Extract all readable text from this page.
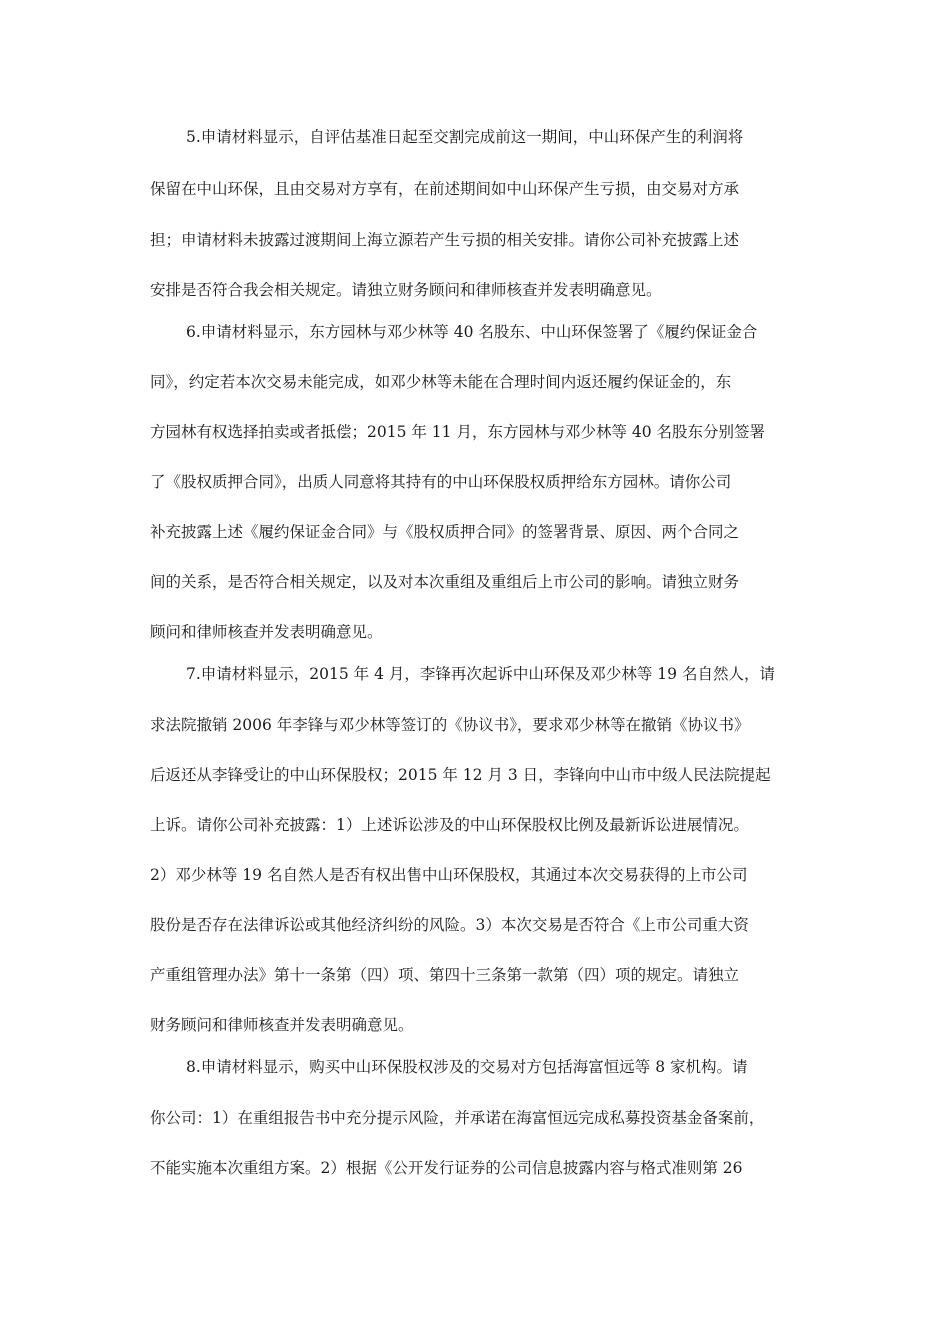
5.申请材料显示，自评估基准日起至交割完成前这一期间，中山环保产生的利润将
保留在中山环保，且由交易对方享有，在前述期间如中山环保产生亏损，由交易对方承
担；申请材料未披露过渡期间上海立源若产生亏损的相关安排。请你公司补充披露上述
安排是否符合我会相关规定。请独立财务顾问和律师核查并发表明确意见。
6.申请材料显示，东方园林与邓少林等 40 名股东、中山环保签署了《履约保证金合
同》，约定若本次交易未能完成，如邓少林等未能在合理时间内返还履约保证金的，东
方园林有权选择拍卖或者抵偿；2015 年 11 月，东方园林与邓少林等 40 名股东分别签署
了《股权质押合同》，出质人同意将其持有的中山环保股权质押给东方园林。请你公司
补充披露上述《履约保证金合同》与《股权质押合同》的签署背景、原因、两个合同之
间的关系，是否符合相关规定，以及对本次重组及重组后上市公司的影响。请独立财务
顾问和律师核查并发表明确意见。
7.申请材料显示，2015 年 4 月，李锋再次起诉中山环保及邓少林等 19 名自然人，请
求法院撤销 2006 年李锋与邓少林等签订的《协议书》，要求邓少林等在撤销《协议书》
后返还从李锋受让的中山环保股权；2015 年 12 月 3 日，李锋向中山市中级人民法院提起
上诉。请你公司补充披露：1）上述诉讼涉及的中山环保股权比例及最新诉讼进展情况。
2）邓少林等 19 名自然人是否有权出售中山环保股权，其通过本次交易获得的上市公司
股份是否存在法律诉讼或其他经济纠纷的风险。3）本次交易是否符合《上市公司重大资
产重组管理办法》第十一条第（四）项、第四十三条第一款第（四）项的规定。请独立
财务顾问和律师核查并发表明确意见。
8.申请材料显示，购买中山环保股权涉及的交易对方包括海富恒远等 8 家机构。请
你公司：1）在重组报告书中充分提示风险，并承诺在海富恒远完成私募投资基金备案前，
不能实施本次重组方案。2）根据《公开发行证券的公司信息披露内容与格式准则第 26
